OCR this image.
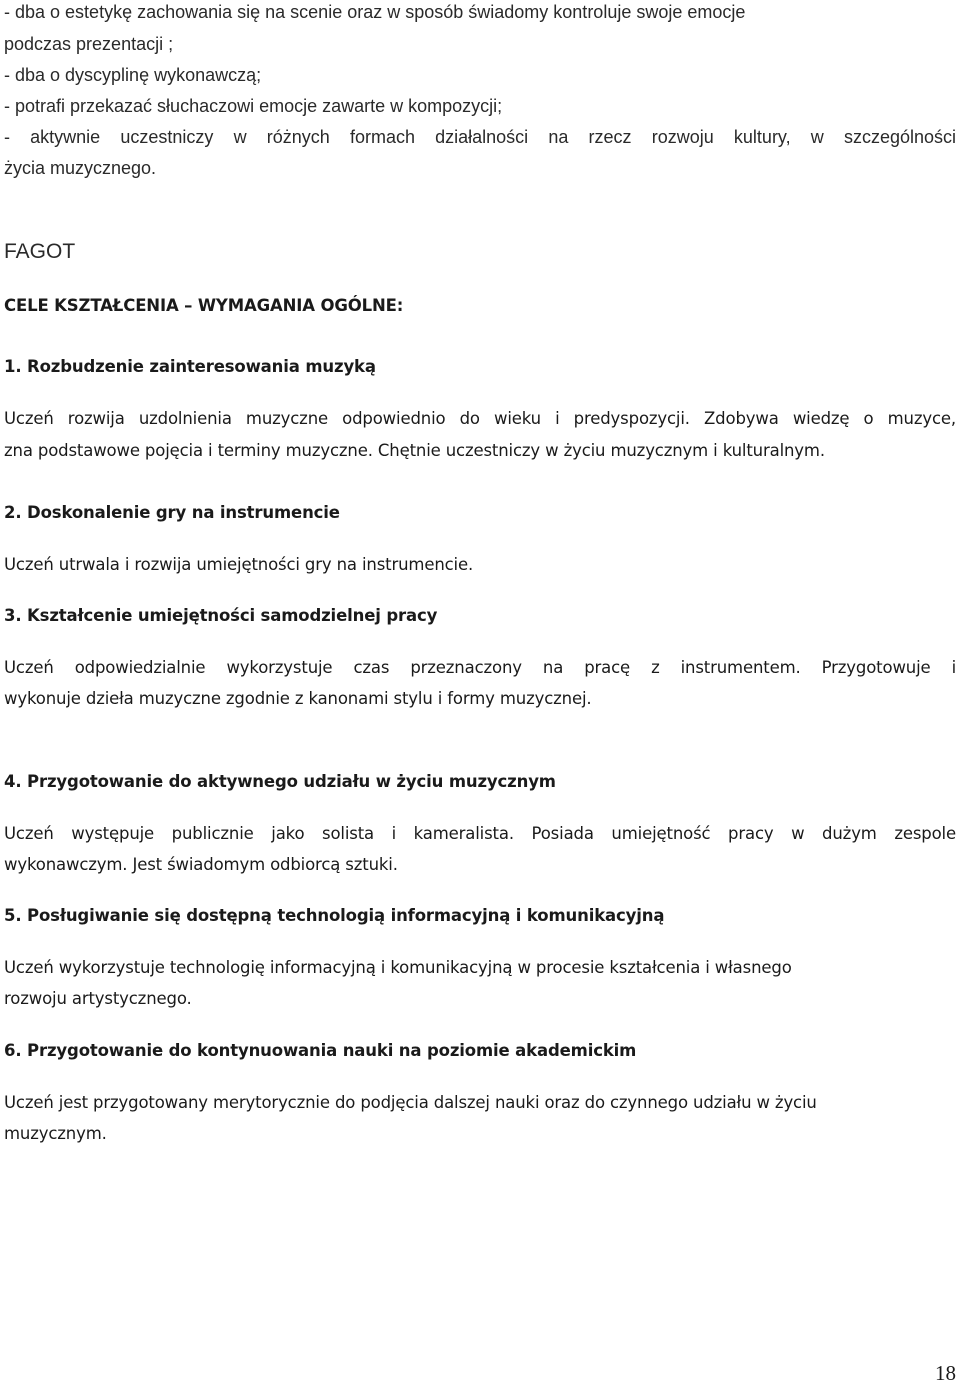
- dba o estetykę zachowania się na scenie oraz w sposób świadomy kontroluje swoje emocje
podczas prezentacji ;
- dba o dyscyplinę wykonawczą;
- potrafi przekazać słuchaczowi emocje zawarte w kompozycji;
- aktywnie uczestniczy w różnych formach działalności na rzecz rozwoju kultury, w szczególności
życia muzycznego.
FAGOT
CELE KSZTAŁCENIA – WYMAGANIA OGÓLNE:
1. Rozbudzenie zainteresowania muzyką
Uczeń rozwija uzdolnienia muzyczne odpowiednio do wieku i predyspozycji. Zdobywa wiedzę o muzyce,
zna podstawowe pojęcia i terminy muzyczne. Chętnie uczestniczy w życiu muzycznym i kulturalnym.
2. Doskonalenie gry na instrumencie
Uczeń utrwala i rozwija umiejętności gry na instrumencie.
3. Kształcenie umiejętności samodzielnej pracy
Uczeń odpowiedzialnie wykorzystuje czas przeznaczony na pracę z instrumentem. Przygotowuje i
wykonuje dzieła muzyczne zgodnie z kanonami stylu i formy muzycznej.
4. Przygotowanie do aktywnego udziału w życiu muzycznym
Uczeń występuje publicznie jako solista i kameralista. Posiada umiejętność pracy w dużym zespole
wykonawczym. Jest świadomym odbiorcą sztuki.
5. Posługiwanie się dostępną technologią informacyjną i komunikacyjną
Uczeń wykorzystuje technologię informacyjną i komunikacyjną w procesie kształcenia i własnego
rozwoju artystycznego.
6. Przygotowanie do kontynuowania nauki na poziomie akademickim
Uczeń jest przygotowany merytorycznie do podjęcia dalszej nauki oraz do czynnego udziału w życiu
muzycznym.
18
